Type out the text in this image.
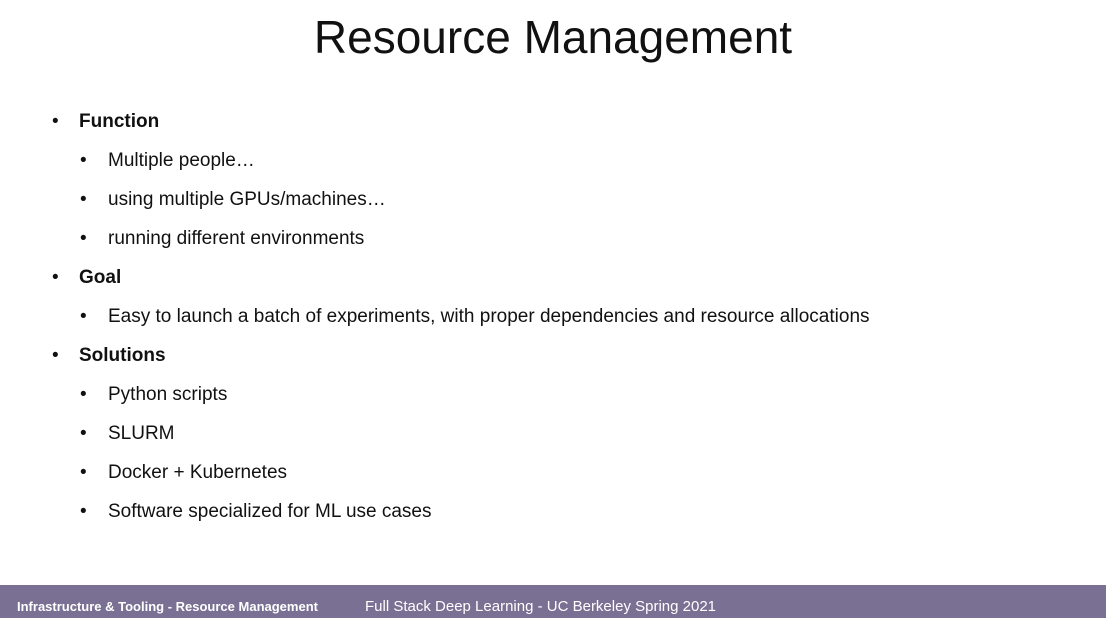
Resource Management
• Function
• Multiple people…
• using multiple GPUs/machines…
• running different environments
• Goal
• Easy to launch a batch of experiments, with proper dependencies and resource allocations
• Solutions
• Python scripts
• SLURM
• Docker + Kubernetes
• Software specialized for ML use cases
Infrastructure & Tooling - Resource Management	Full Stack Deep Learning - UC Berkeley Spring 2021
